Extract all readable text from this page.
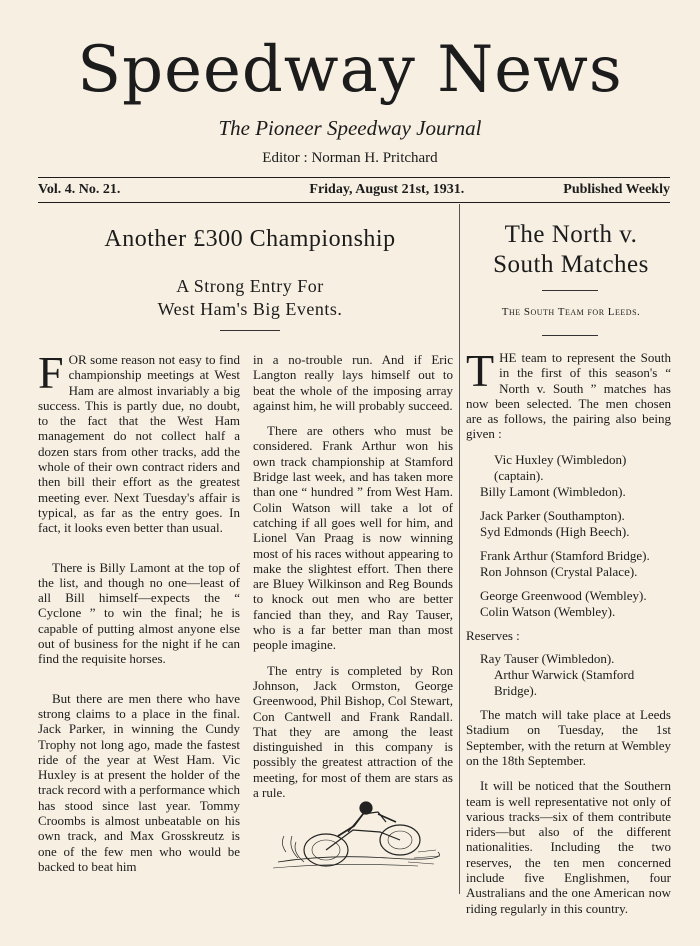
Speedway News
The Pioneer Speedway Journal
Editor : Norman H. Pritchard
Vol. 4. No. 21.	Friday, August 21st, 1931.	Published Weekly
Another £300 Championship
A Strong Entry For
West Ham's Big Events.
The North v.
South Matches
The South Team for Leeds.

FOR some reason not easy to find championship meetings at West Ham are almost invariably a big success. This is partly due, no doubt, to the fact that the West Ham management do not collect half a dozen stars from other tracks, add the whole of their own contract riders and then bill their effort as the greatest meeting ever. Next Tuesday's affair is typical, as far as the entry goes. In fact, it looks even better than usual.

There is Billy Lamont at the top of the list, and though no one—least of all Bill himself—expects the “ Cyclone ” to win the final; he is capable of putting almost anyone else out of business for the night if he can find the requisite horses.

But there are men there who have strong claims to a place in the final. Jack Parker, in winning the Cundy Trophy not long ago, made the fastest ride of the year at West Ham. Vic Huxley is at present the holder of the track record with a performance which has stood since last year. Tommy Croombs is almost unbeatable on his own track, and Max Grosskreutz is one of the few men who would be backed to beat him

in a no-trouble run. And if Eric Langton really lays himself out to beat the whole of the imposing array against him, he will probably succeed.

There are others who must be considered. Frank Arthur won his own track championship at Stamford Bridge last week, and has taken more than one “ hundred ” from West Ham. Colin Watson will take a lot of catching if all goes well for him, and Lionel Van Praag is now winning most of his races without appearing to make the slightest effort. Then there are Bluey Wilkinson and Reg Bounds to knock out men who are better fancied than they, and Ray Tauser, who is a far better man than most people imagine.

The entry is completed by Ron Johnson, Jack Ormston, George Greenwood, Phil Bishop, Col Stewart, Con Cantwell and Frank Randall. That they are among the least distinguished in this company is possibly the greatest attraction of the meeting, for most of them are stars as a rule.

THE team to represent the South in the first of this season's “ North v. South ” matches has now been selected. The men chosen are as follows, the pairing also being given :

Vic Huxley (Wimbledon) (captain).
Billy Lamont (Wimbledon).
Jack Parker (Southampton).
Syd Edmonds (High Beech).
Frank Arthur (Stamford Bridge).
Ron Johnson (Crystal Palace).
George Greenwood (Wembley).
Colin Watson (Wembley).
Reserves :
Ray Tauser (Wimbledon).
Arthur Warwick (Stamford Bridge).

The match will take place at Leeds Stadium on Tuesday, the 1st September, with the return at Wembley on the 18th September.

It will be noticed that the Southern team is well representative not only of various tracks—six of them contribute riders—but also of the different nationalities. Including the two reserves, the ten men concerned include five Englishmen, four Australians and the one American now riding regularly in this country.
